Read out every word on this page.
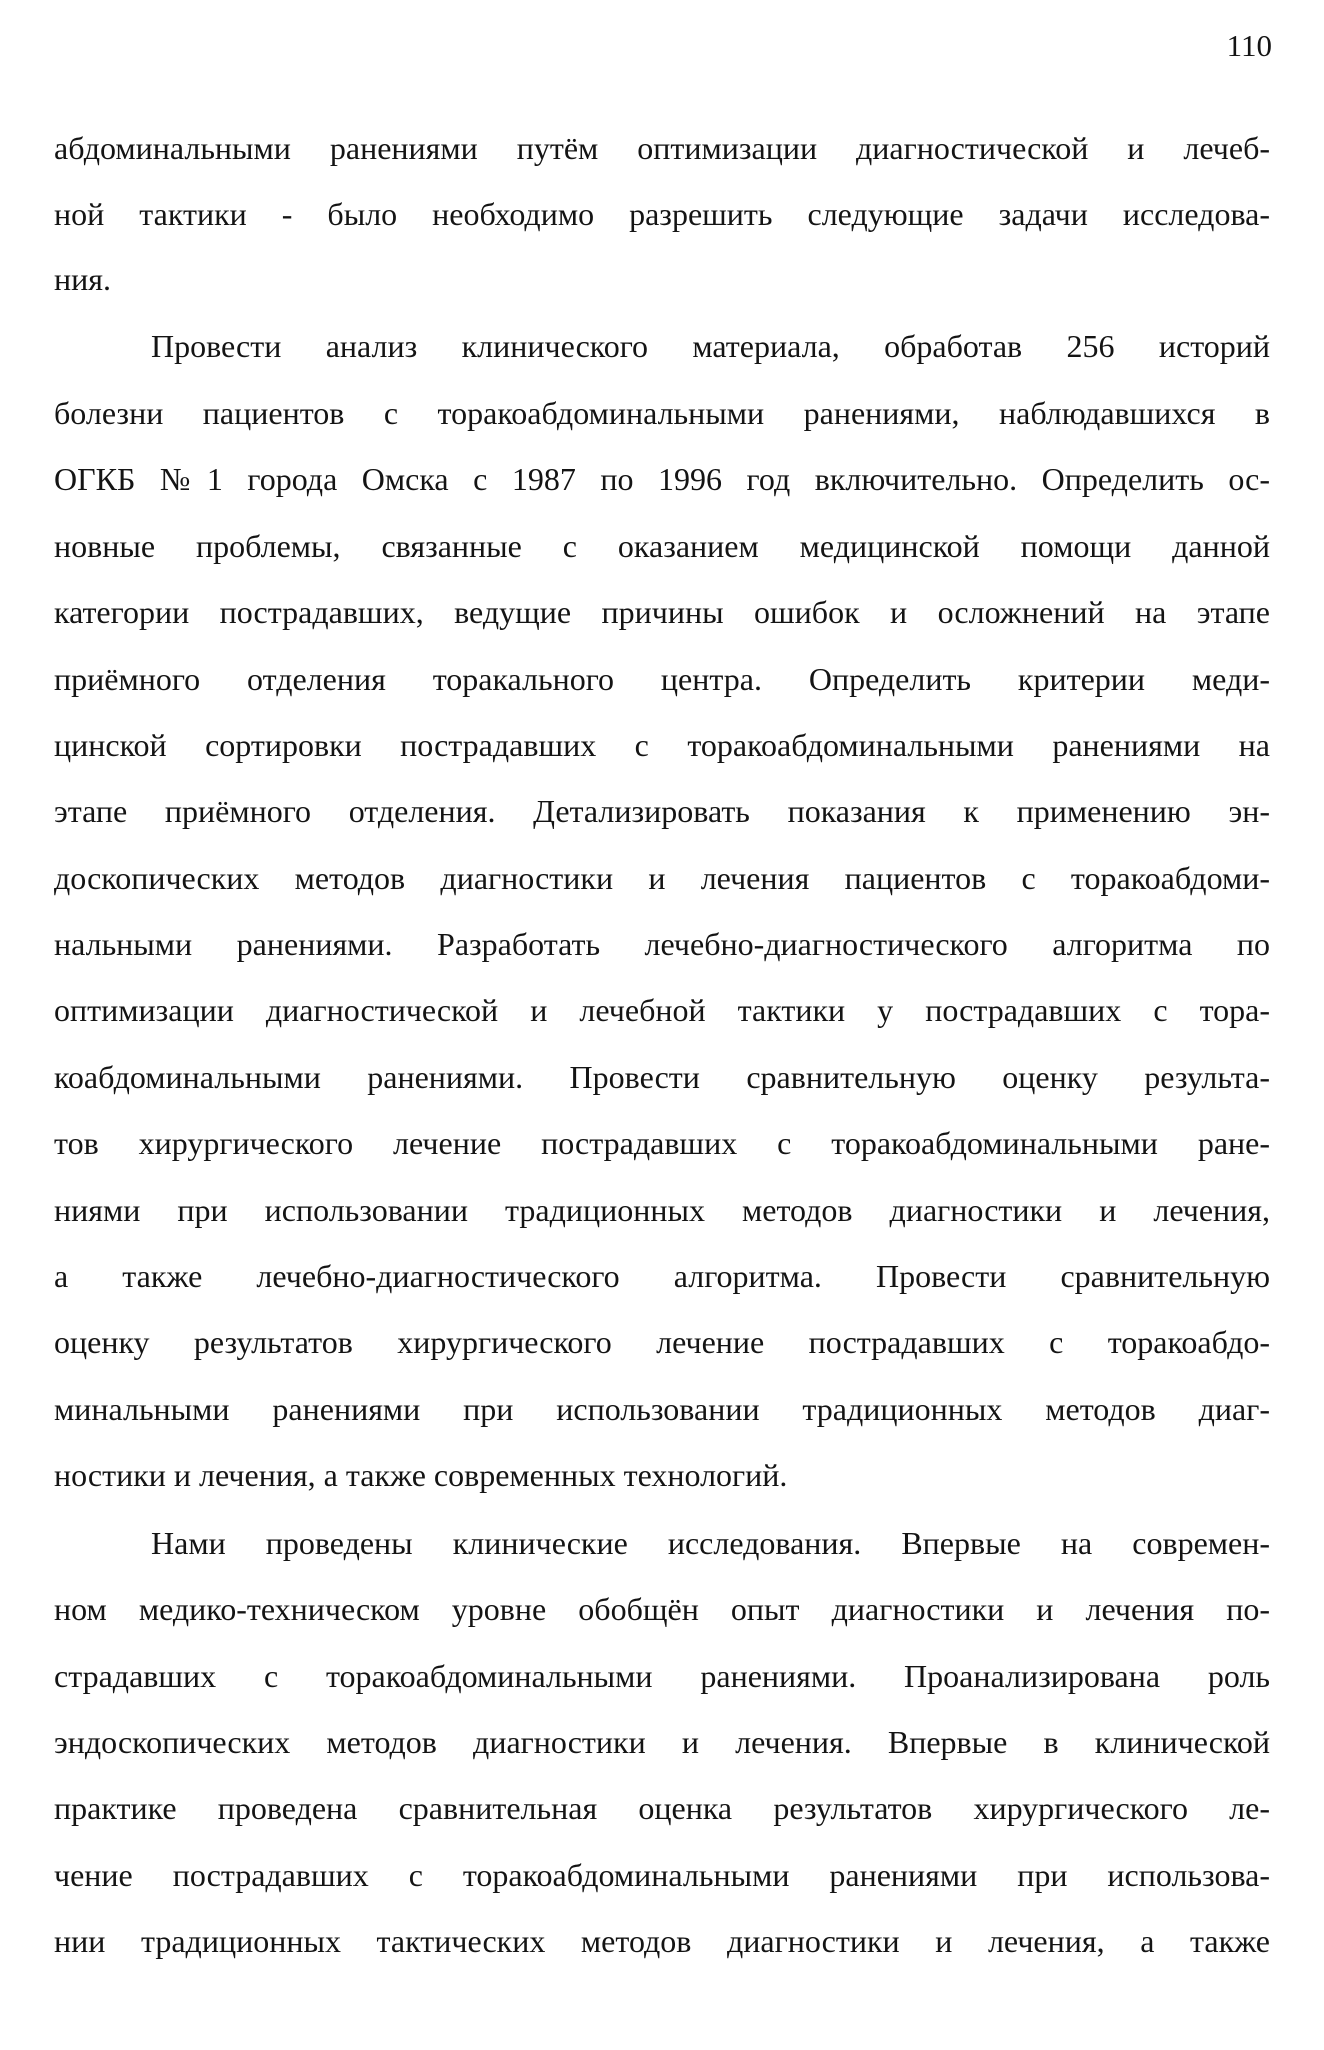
110
абдоминальными ранениями путём оптимизации диагностической и лечеб-
ной тактики - было необходимо разрешить следующие задачи исследова-
ния.
Провести анализ клинического материала, обработав 256 историй
болезни пациентов с торакоабдоминальными ранениями, наблюдавшихся в
ОГКБ №1 города Омска с 1987 по 1996 год включительно. Определить ос-
новные проблемы, связанные с оказанием медицинской помощи данной
категории пострадавших, ведущие причины ошибок и осложнений на этапе
приёмного отделения торакального центра. Определить критерии меди-
цинской сортировки пострадавших с торакоабдоминальными ранениями на
этапе приёмного отделения. Детализировать показания к применению эн-
доскопических методов диагностики и лечения пациентов с торакоабдоми-
нальными ранениями. Разработать лечебно-диагностического алгоритма по
оптимизации диагностической и лечебной тактики у пострадавших с тора-
коабдоминальными ранениями. Провести сравнительную оценку результа-
тов хирургического лечение пострадавших с торакоабдоминальными ране-
ниями при использовании традиционных методов диагностики и лечения,
а также лечебно-диагностического алгоритма. Провести сравнительную
оценку результатов хирургического лечение пострадавших с торакоабдо-
минальными ранениями при использовании традиционных методов диаг-
ностики и лечения, а также современных технологий.
Нами проведены клинические исследования. Впервые на современ-
ном медико-техническом уровне обобщён опыт диагностики и лечения по-
страдавших с торакоабдоминальными ранениями. Проанализирована роль
эндоскопических методов диагностики и лечения. Впервые в клинической
практике проведена сравнительная оценка результатов хирургического ле-
чение пострадавших с торакоабдоминальными ранениями при использова-
нии традиционных тактических методов диагностики и лечения, а также
